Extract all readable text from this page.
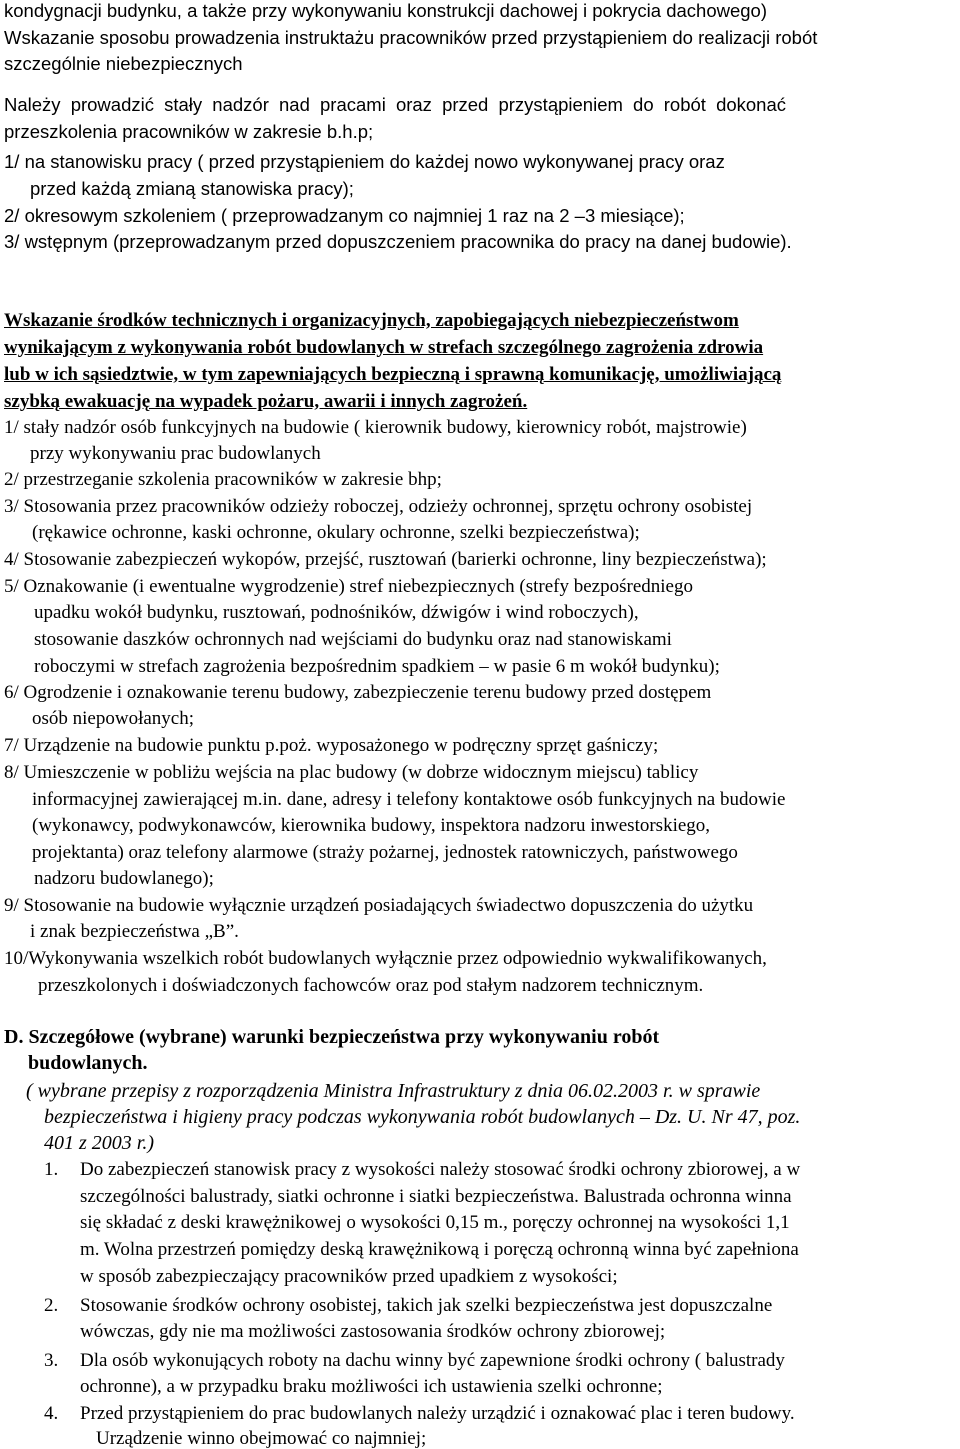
kondygnacji budynku, a także przy wykonywaniu konstrukcji dachowej i pokrycia dachowego)
Wskazanie sposobu prowadzenia instruktażu pracowników przed przystąpieniem do realizacji robót
szczególnie niebezpiecznych
Należy prowadzić stały nadzór nad pracami oraz przed przystąpieniem do robót dokonać
przeszkolenia pracowników w zakresie b.h.p;
1/ na stanowisku pracy ( przed przystąpieniem do każdej nowo wykonywanej pracy oraz
przed każdą zmianą stanowiska pracy);
2/ okresowym szkoleniem ( przeprowadzanym co najmniej 1 raz na 2 –3 miesiące);
3/ wstępnym (przeprowadzanym przed dopuszczeniem pracownika do pracy na danej budowie).
Wskazanie środków technicznych i organizacyjnych, zapobiegających niebezpieczeństwom
wynikającym z wykonywania robót budowlanych w strefach szczególnego zagrożenia zdrowia
lub w ich sąsiedztwie, w tym zapewniających bezpieczną i sprawną komunikację, umożliwiającą
szybką ewakuację na wypadek pożaru, awarii i innych zagrożeń.
1/ stały nadzór osób funkcyjnych na budowie ( kierownik budowy, kierownicy robót, majstrowie)
przy wykonywaniu prac budowlanych
2/ przestrzeganie szkolenia pracowników w zakresie bhp;
3/ Stosowania przez pracowników odzieży roboczej, odzieży ochronnej, sprzętu ochrony osobistej
(rękawice ochronne, kaski ochronne, okulary ochronne, szelki bezpieczeństwa);
4/ Stosowanie zabezpieczeń wykopów, przejść, rusztowań (barierki ochronne, liny bezpieczeństwa);
5/ Oznakowanie (i ewentualne wygrodzenie) stref niebezpiecznych (strefy bezpośredniego
upadku wokół budynku, rusztowań, podnośników, dźwigów i wind roboczych),
stosowanie daszków ochronnych nad wejściami do budynku oraz nad stanowiskami
roboczymi w strefach zagrożenia bezpośrednim spadkiem – w pasie 6 m wokół budynku);
6/ Ogrodzenie i oznakowanie terenu budowy, zabezpieczenie terenu budowy przed dostępem
osób niepowołanych;
7/ Urządzenie na budowie punktu p.poż. wyposażonego w podręczny sprzęt gaśniczy;
8/ Umieszczenie w pobliżu wejścia na plac budowy (w dobrze widocznym miejscu) tablicy
informacyjnej zawierającej m.in. dane, adresy i telefony kontaktowe osób funkcyjnych na budowie
(wykonawcy, podwykonawców, kierownika budowy, inspektora nadzoru inwestorskiego,
projektanta) oraz telefony alarmowe (straży pożarnej, jednostek ratowniczych, państwowego
nadzoru budowlanego);
9/ Stosowanie na budowie wyłącznie urządzeń posiadających świadectwo dopuszczenia do użytku
i znak bezpieczeństwa „B”.
10/Wykonywania wszelkich robót budowlanych wyłącznie przez odpowiednio wykwalifikowanych,
przeszkolonych i doświadczonych fachowców oraz pod stałym nadzorem technicznym.
D. Szczegółowe (wybrane) warunki bezpieczeństwa przy wykonywaniu robót
budowlanych.
( wybrane przepisy z rozporządzenia Ministra Infrastruktury z dnia 06.02.2003 r. w sprawie
bezpieczeństwa i higieny pracy podczas wykonywania robót budowlanych – Dz. U. Nr 47, poz.
401 z 2003 r.)
1. Do zabezpieczeń stanowisk pracy z wysokości należy stosować środki ochrony zbiorowej, a w
szczególności balustrady, siatki ochronne i siatki bezpieczeństwa. Balustrada ochronna winna
się składać z deski krawężnikowej o wysokości 0,15 m., poręczy ochronnej na wysokości 1,1
m. Wolna przestrzeń pomiędzy deską krawężnikową i poręczą ochronną winna być zapełniona
w sposób zabezpieczający pracowników przed upadkiem z wysokości;
2. Stosowanie środków ochrony osobistej, takich jak szelki bezpieczeństwa jest dopuszczalne
wówczas, gdy nie ma możliwości zastosowania środków ochrony zbiorowej;
3. Dla osób wykonujących roboty na dachu winny być zapewnione środki ochrony ( balustrady
ochronne), a w przypadku braku możliwości ich ustawienia szelki ochronne;
4. Przed przystąpieniem do prac budowlanych należy urządzić i oznakować plac i teren budowy.
Urządzenie winno obejmować co najmniej;
